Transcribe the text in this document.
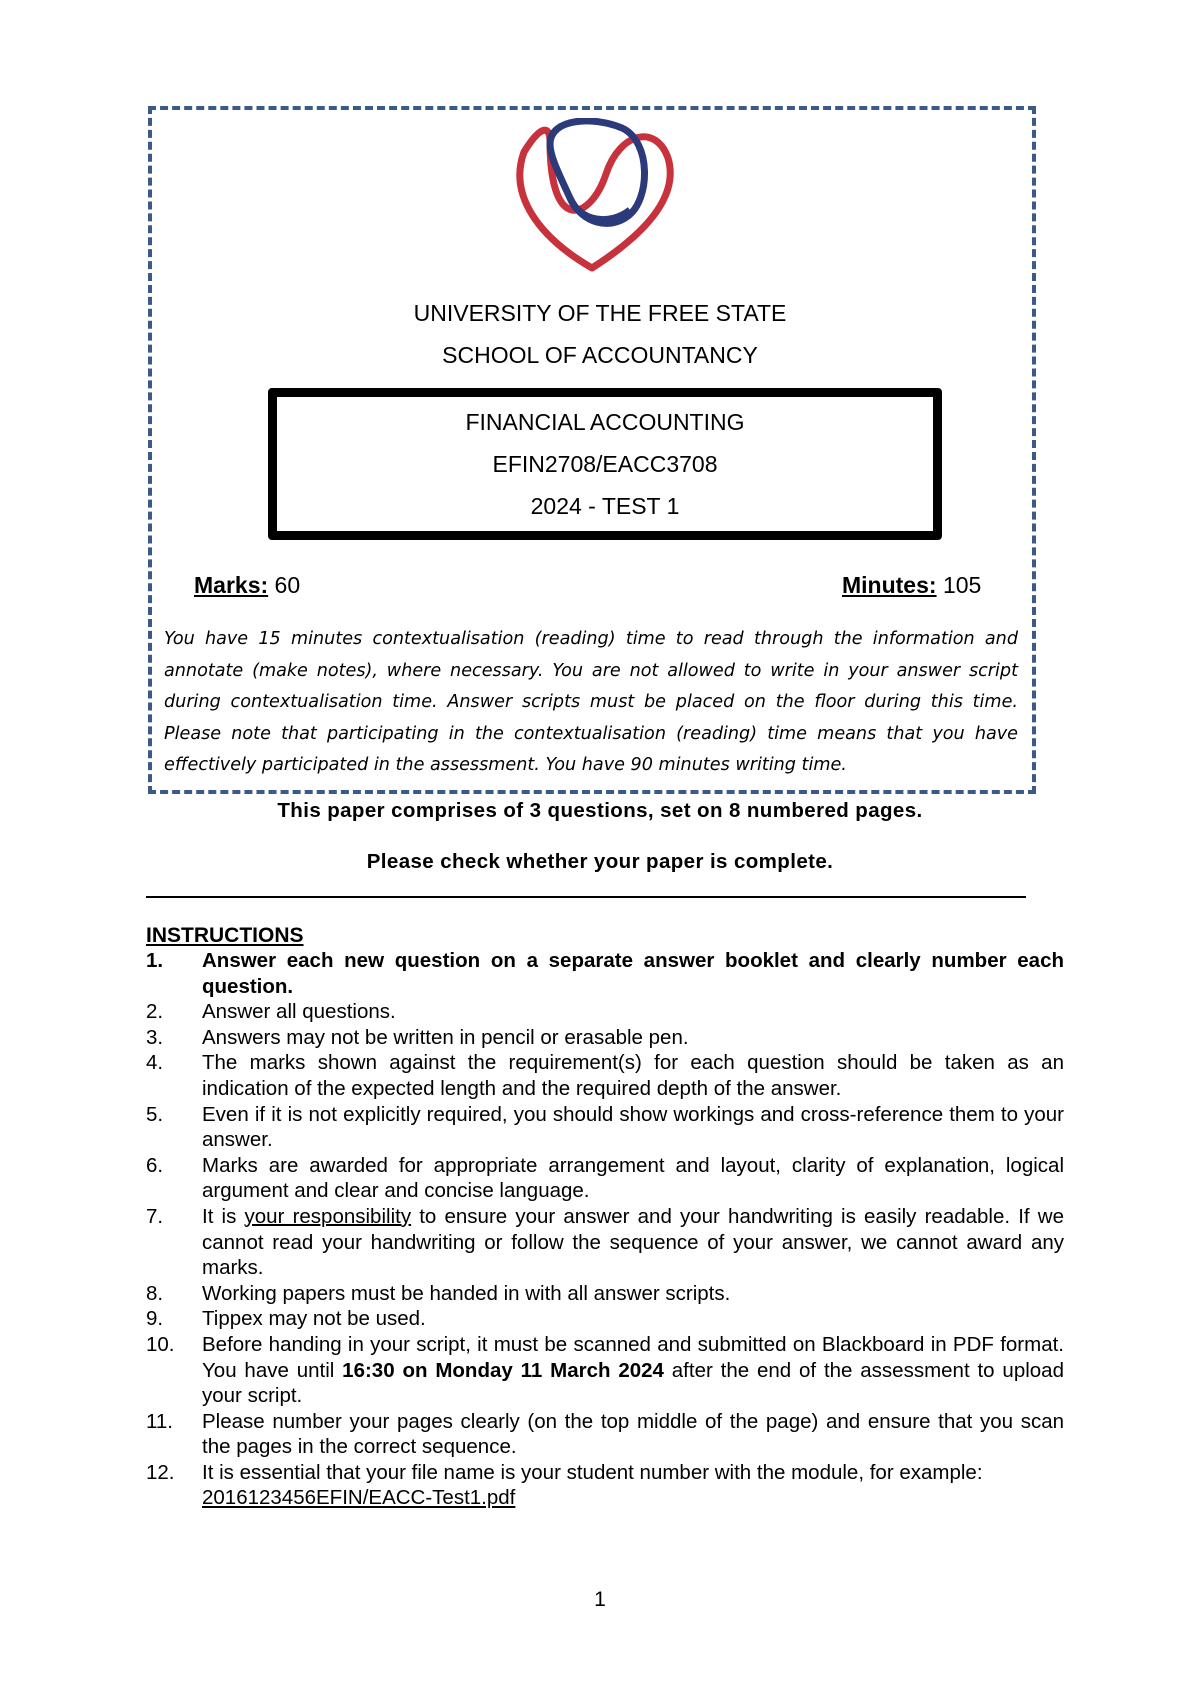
UNIVERSITY OF THE FREE STATE
SCHOOL OF ACCOUNTANCY
FINANCIAL ACCOUNTING
EFIN2708/EACC3708
2024 - TEST 1
Marks: 60	Minutes: 105
You have 15 minutes contextualisation (reading) time to read through the information and annotate (make notes), where necessary. You are not allowed to write in your answer script during contextualisation time. Answer scripts must be placed on the floor during this time. Please note that participating in the contextualisation (reading) time means that you have effectively participated in the assessment. You have 90 minutes writing time.
This paper comprises of 3 questions, set on 8 numbered pages.
Please check whether your paper is complete.
INSTRUCTIONS
1. Answer each new question on a separate answer booklet and clearly number each question.
2. Answer all questions.
3. Answers may not be written in pencil or erasable pen.
4. The marks shown against the requirement(s) for each question should be taken as an indication of the expected length and the required depth of the answer.
5. Even if it is not explicitly required, you should show workings and cross-reference them to your answer.
6. Marks are awarded for appropriate arrangement and layout, clarity of explanation, logical argument and clear and concise language.
7. It is your responsibility to ensure your answer and your handwriting is easily readable. If we cannot read your handwriting or follow the sequence of your answer, we cannot award any marks.
8. Working papers must be handed in with all answer scripts.
9. Tippex may not be used.
10. Before handing in your script, it must be scanned and submitted on Blackboard in PDF format. You have until 16:30 on Monday 11 March 2024 after the end of the assessment to upload your script.
11. Please number your pages clearly (on the top middle of the page) and ensure that you scan the pages in the correct sequence.
12. It is essential that your file name is your student number with the module, for example:
2016123456EFIN/EACC-Test1.pdf
1
